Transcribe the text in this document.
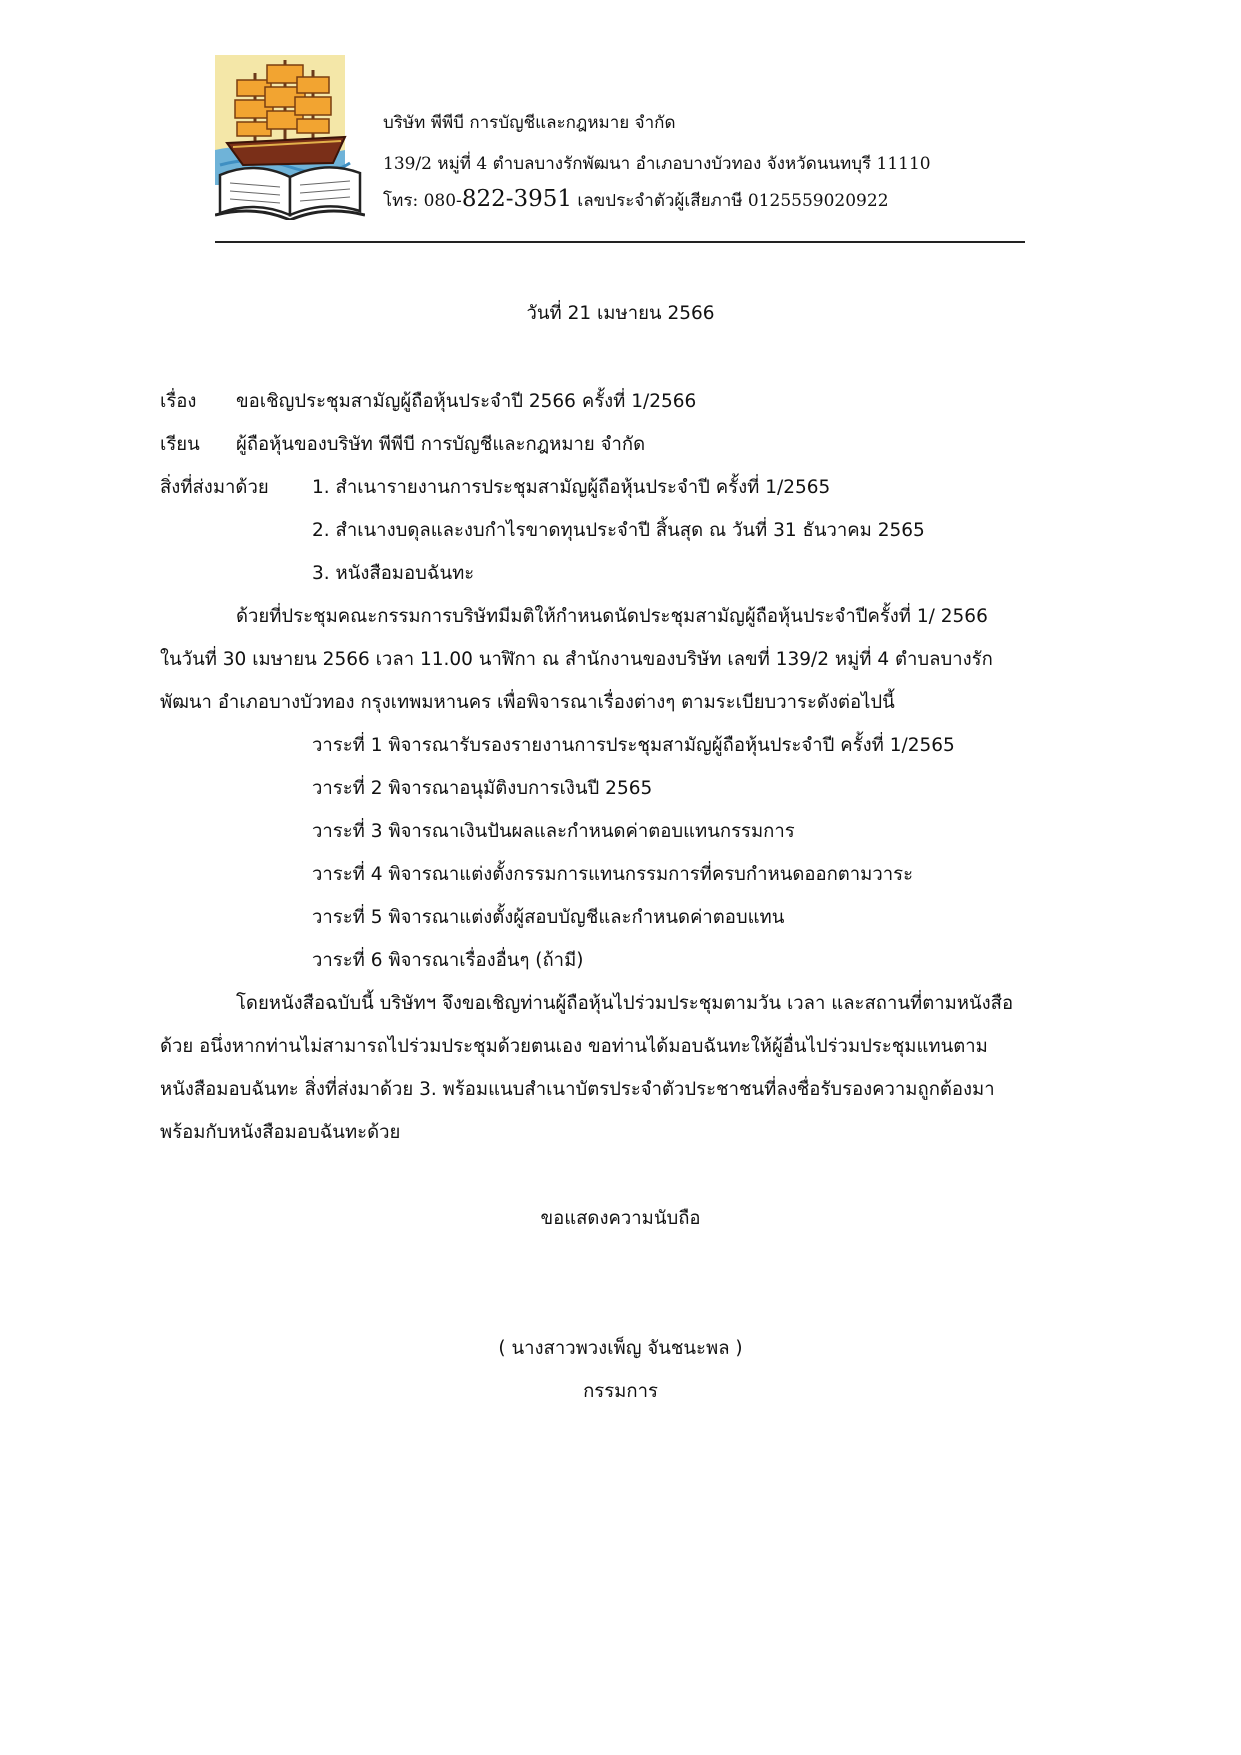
บริษัท พีพีบี การบัญชีและกฎหมาย จำกัด
139/2 หมู่ที่ 4 ตำบลบางรักพัฒนา อำเภอบางบัวทอง จังหวัดนนทบุรี 11110
โทร: 080-822-3951 เลขประจำตัวผู้เสียภาษี 0125559020922
วันที่ 21 เมษายน 2566
เรื่อง ขอเชิญประชุมสามัญผู้ถือหุ้นประจำปี 2566 ครั้งที่ 1/2566
เรียน ผู้ถือหุ้นของบริษัท พีพีบี การบัญชีและกฎหมาย จำกัด
สิ่งที่ส่งมาด้วย 1. สำเนารายงานการประชุมสามัญผู้ถือหุ้นประจำปี ครั้งที่ 1/2565
2. สำเนางบดุลและงบกำไรขาดทุนประจำปี สิ้นสุด ณ วันที่ 31 ธันวาคม 2565
3. หนังสือมอบฉันทะ
ด้วยที่ประชุมคณะกรรมการบริษัทมีมติให้กำหนดนัดประชุมสามัญผู้ถือหุ้นประจำปีครั้งที่ 1/ 2566
ในวันที่ 30 เมษายน 2566 เวลา 11.00 นาฬิกา ณ สำนักงานของบริษัท เลขที่ 139/2 หมู่ที่ 4 ตำบลบางรัก
พัฒนา อำเภอบางบัวทอง กรุงเทพมหานคร เพื่อพิจารณาเรื่องต่างๆ ตามระเบียบวาระดังต่อไปนี้
วาระที่ 1 พิจารณารับรองรายงานการประชุมสามัญผู้ถือหุ้นประจำปี ครั้งที่ 1/2565
วาระที่ 2 พิจารณาอนุมัติงบการเงินปี 2565
วาระที่ 3 พิจารณาเงินปันผลและกำหนดค่าตอบแทนกรรมการ
วาระที่ 4 พิจารณาแต่งตั้งกรรมการแทนกรรมการที่ครบกำหนดออกตามวาระ
วาระที่ 5 พิจารณาแต่งตั้งผู้สอบบัญชีและกำหนดค่าตอบแทน
วาระที่ 6 พิจารณาเรื่องอื่นๆ (ถ้ามี)
โดยหนังสือฉบับนี้ บริษัทฯ จึงขอเชิญท่านผู้ถือหุ้นไปร่วมประชุมตามวัน เวลา และสถานที่ตามหนังสือ
ด้วย อนึ่งหากท่านไม่สามารถไปร่วมประชุมด้วยตนเอง ขอท่านได้มอบฉันทะให้ผู้อื่นไปร่วมประชุมแทนตาม
หนังสือมอบฉันทะ สิ่งที่ส่งมาด้วย 3. พร้อมแนบสำเนาบัตรประจำตัวประชาชนที่ลงชื่อรับรองความถูกต้องมา
พร้อมกับหนังสือมอบฉันทะด้วย
ขอแสดงความนับถือ
( นางสาวพวงเพ็ญ จันชนะพล )
กรรมการ
